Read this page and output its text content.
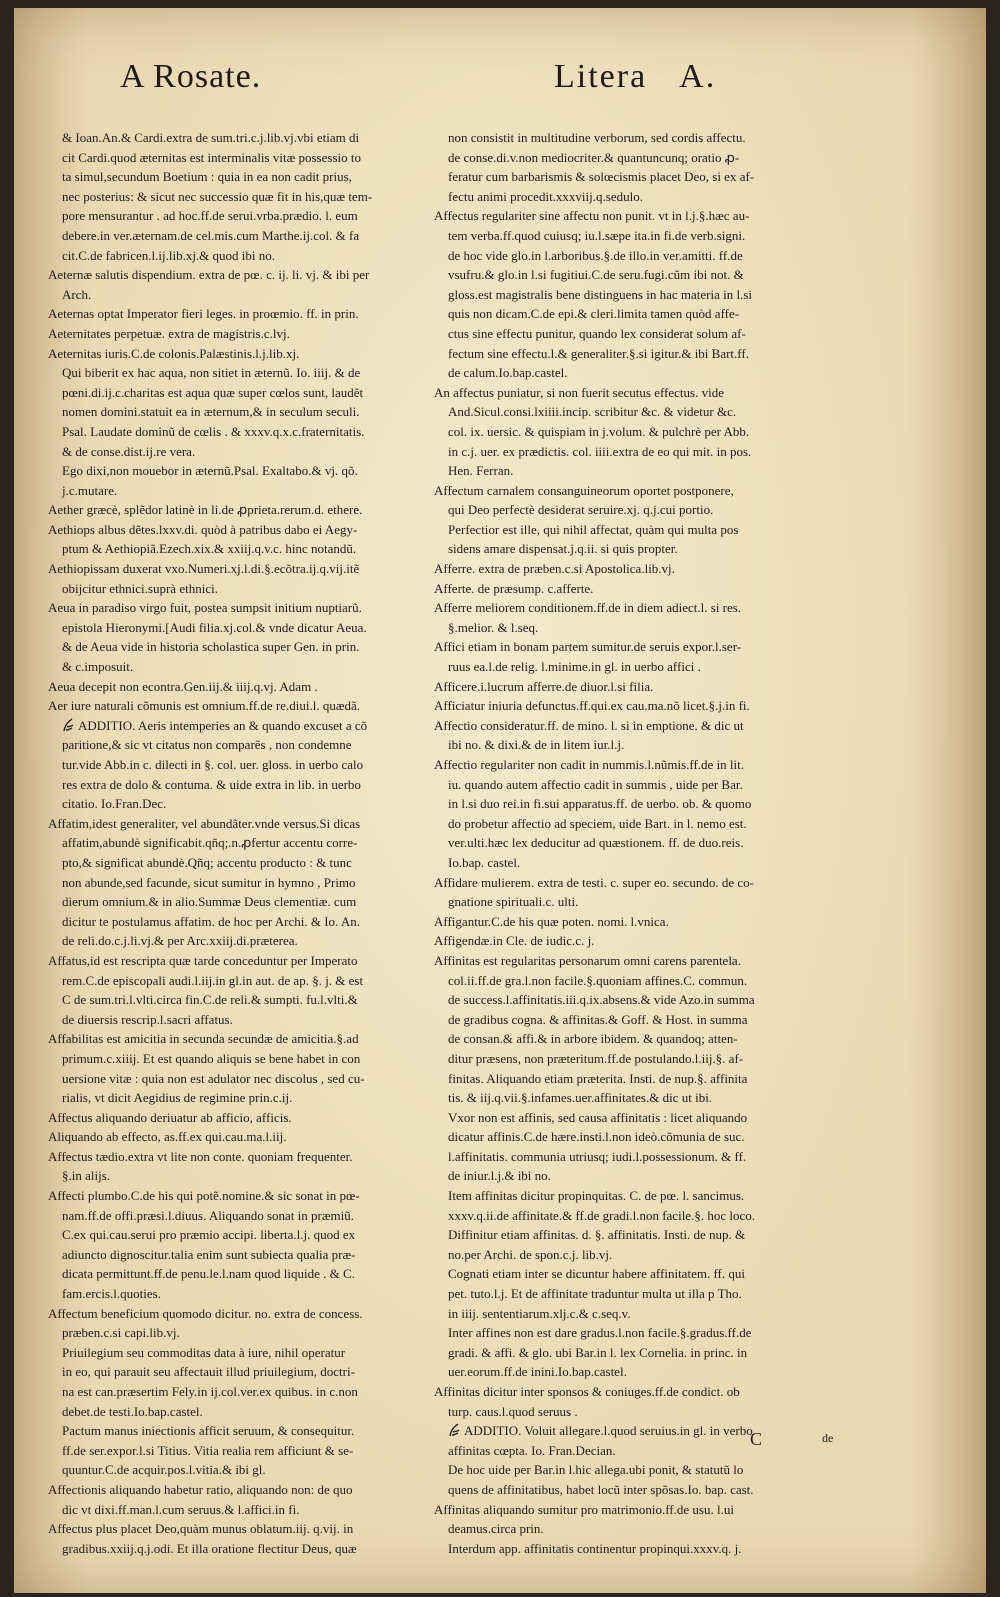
A Rosate.	Litera A.
& Ioan.An.& Cardi.extra de sum.tri.c.j.lib.vj.vbi etiam di
cit Cardi.quod æternitas est interminalis vitæ possessio to
ta simul,secundum Boetium : quia in ea non cadit prius,
nec posterius: & sicut nec successio quæ fit in his,quæ tem-
pore mensurantur . ad hoc.ff.de serui.vrba.prædio. l. eum
debere.in ver.æternam.de cel.mis.cum Marthe.ij.col. & fa
cit.C.de fabricen.l.ij.lib.xj.& quod ibi no.
Aeternæ salutis dispendium. extra de pœ. c. ij. li. vj. & ibi per
Arch.
Aeternas optat Imperator fieri leges. in proœmio. ff. in prin.
Aeternitates perpetuæ. extra de magistris.c.lvj.
Aeternitas iuris.C.de colonis.Palæstinis.l.j.lib.xj.
Qui biberit ex hac aqua, non sitiet in æternũ. Io. iiij. & de
pœni.di.ij.c.charitas est aqua quæ super cœlos sunt, laudẽt
nomen domini.statuit ea in æternum,& in seculum seculi.
Psal. Laudate dominũ de cœlis . & xxxv.q.x.c.fraternitatis.
& de conse.dist.ij.re vera.
Ego dixi,non mouebor in æternũ.Psal. Exaltabo.& vj. qõ.
j.c.mutare.
Aether græcè, splẽdor latinè in li.de ꝓprieta.rerum.d. ethere.
Aethiops albus dẽtes.lxxv.di. quòd à patribus dabo ei Aegy-
ptum & Aethiopiã.Ezech.xix.& xxiij.q.v.c. hinc notandũ.
Aethiopissam duxerat vxo.Numeri.xj.l.di.§.ecõtra.ij.q.vij.itẽ
obijcitur ethnici.suprà ethnici.
Aeua in paradiso virgo fuit, postea sumpsit initium nuptiarũ.
epistola Hieronymi.[Audi filia.xj.col.& vnde dicatur Aeua.
& de Aeua vide in historia scholastica super Gen. in prin.
& c.imposuit.
Aeua decepit non econtra.Gen.iij.& iiij.q.vj. Adam .
Aer iure naturali cõmunis est omnium.ff.de re.diui.l. quædã.
ADDITIO. Aeris intemperies an & quando excuset a cõ
paritione,& sic vt citatus non comparẽs , non condemne
tur.vide Abb.in c. dilecti in §. col. uer. gloss. in uerbo calo
res extra de dolo & contuma. & uide extra in lib. in uerbo
citatio. Io.Fran.Dec.
Affatim,idest generaliter, vel abundãter.vnde versus.Si dicas
affatim,abundè significabit.qñq;.n.ꝓfertur accentu corre-
pto,& significat abundè.Qñq; accentu producto : & tunc
non abunde,sed facunde, sicut sumitur in hymno , Primo
dierum omnium.& in alio.Summæ Deus clementiæ. cum
dicitur te postulamus affatim. de hoc per Archi. & Io. An.
de reli.do.c.j.li.vj.& per Arc.xxiij.di.præterea.
Affatus,id est rescripta quæ tarde conceduntur per Imperato
rem.C.de episcopali audi.l.iij.in gl.in aut. de ap. §. j. & est
C de sum.tri.l.vlti.circa fin.C.de reli.& sumpti. fu.l.vlti.&
de diuersis rescrip.l.sacri affatus.
Affabilitas est amicitia in secunda secundæ de amicitia.§.ad
primum.c.xiiij. Et est quando aliquis se bene habet in con
uersione vitæ : quia non est adulator nec discolus , sed cu-
rialis, vt dicit Aegidius de regimine prin.c.ij.
Affectus aliquando deriuatur ab afficio, afficis.
Aliquando ab effecto, as.ff.ex qui.cau.ma.l.iij.
Affectus tædio.extra vt lite non conte. quoniam frequenter.
§.in alijs.
Affecti plumbo.C.de his qui potẽ.nomine.& sic sonat in pœ-
nam.ff.de offi.præsi.l.diuus. Aliquando sonat in præmiũ.
C.ex qui.cau.serui pro præmio accipi. liberta.l.j. quod ex
adiuncto dignoscitur.talia enim sunt subiecta qualia præ-
dicata permittunt.ff.de penu.le.l.nam quod liquide . & C.
fam.ercis.l.quoties.
Affectum beneficium quomodo dicitur. no. extra de concess.
præben.c.si capi.lib.vj.
Priuilegium seu commoditas data à iure, nihil operatur
in eo, qui parauit seu affectauit illud priuilegium, doctri-
na est can.præsertim Fely.in ij.col.ver.ex quibus. in c.non
debet.de testi.Io.bap.castel.
Pactum manus iniectionis afficit seruum, & consequitur.
ff.de ser.expor.l.si Titius. Vitia realia rem afficiunt & se-
quuntur.C.de acquir.pos.l.vitia.& ibi gl.
Affectionis aliquando habetur ratio, aliquando non: de quo
dic vt dixi.ff.man.l.cum seruus.& l.affici.in fi.
Affectus plus placet Deo,quàm munus oblatum.iij. q.vij. in
gradibus.xxiij.q.j.odi. Et illa oratione flectitur Deus, quæ
non consistit in multitudine verborum, sed cordis affectu.
de conse.di.v.non mediocriter.& quantuncunq; oratio ꝓ-
feratur cum barbarismis & solœcismis placet Deo, si ex af-
fectu animi procedit.xxxviij.q.sedulo.
Affectus regulariter sine affectu non punit. vt in l.j.§.hæc au-
tem verba.ff.quod cuiusq; iu.l.sæpe ita.in fi.de verb.signi.
de hoc vide glo.in l.arboribus.§.de illo.in ver.amitti. ff.de
vsufru.& glo.in l.si fugitiui.C.de seru.fugi.cũm ibi not. &
gloss.est magistralis bene distinguens in hac materia in l.si
quis non dicam.C.de epi.& cleri.limita tamen quòd affe-
ctus sine effectu punitur, quando lex considerat solum af-
fectum sine effectu.l.& generaliter.§.si igitur.& ibi Bart.ff.
de calum.Io.bap.castel.
An affectus puniatur, si non fuerit secutus effectus. vide
And.Sicul.consi.lxiiii.incip. scribitur &c. & videtur &c.
col. ix. uersic. & quispiam in j.volum. & pulchrè per Abb.
in c.j. uer. ex prædictis. col. iiii.extra de eo qui mit. in pos.
Hen. Ferran.
Affectum carnalem consanguineorum oportet postponere,
qui Deo perfectè desiderat seruire.xj. q.j.cui portio.
Perfectior est ille, qui nihil affectat, quàm qui multa pos
sidens amare dispensat.j.q.ii. si quis propter.
Afferre. extra de præben.c.si Apostolica.lib.vj.
Afferte. de præsump. c.afferte.
Afferre meliorem conditionem.ff.de in diem adiect.l. si res.
§.melior. & l.seq.
Affici etiam in bonam partem sumitur.de seruis expor.l.ser-
ruus ea.l.de relig. l.minime.in gl. in uerbo affici .
Afficere.i.lucrum afferre.de diuor.l.si filia.
Afficiatur iniuria defunctus.ff.qui.ex cau.ma.nõ licet.§.j.in fi.
Affectio consideratur.ff. de mino. l. si in emptione. & dic ut
ibi no. & dixi.& de in litem iur.l.j.
Affectio regulariter non cadit in nummis.l.nũmis.ff.de in lit.
iu. quando autem affectio cadit in summis , uide per Bar.
in l.si duo rei.in fi.sui apparatus.ff. de uerbo. ob. & quomo
do probetur affectio ad speciem, uide Bart. in l. nemo est.
ver.ulti.hæc lex deducitur ad quæstionem. ff. de duo.reis.
Io.bap. castel.
Affidare mulierem. extra de testi. c. super eo. secundo. de co-
gnatione spirituali.c. ulti.
Affigantur.C.de his quæ poten. nomi. l.vnica.
Affigendæ.in Cle. de iudic.c. j.
Affinitas est regularitas personarum omni carens parentela.
col.ii.ff.de gra.l.non facile.§.quoniam affines.C. commun.
de success.l.affinitatis.iii.q.ix.absens.& vide Azo.in summa
de gradibus cogna. & affinitas.& Goff. & Host. in summa
de consan.& affi.& in arbore ibidem. & quandoq; atten-
ditur præsens, non præteritum.ff.de postulando.l.iij.§. af-
finitas. Aliquando etiam præterita. Insti. de nup.§. affinita
tis. & iij.q.vii.§.infames.uer.affinitates.& dic ut ibi.
Vxor non est affinis, sed causa affinitatis : licet aliquando
dicatur affinis.C.de hære.insti.l.non ideò.cõmunia de suc.
l.affinitatis. communia utriusq; iudi.l.possessionum. & ff.
de iniur.l.j.& ibi no.
Item affinitas dicitur propinquitas. C. de pœ. l. sancimus.
xxxv.q.ii.de affinitate.& ff.de gradi.l.non facile.§. hoc loco.
Diffinitur etiam affinitas. d. §. affinitatis. Insti. de nup. &
no.per Archi. de spon.c.j. lib.vj.
Cognati etiam inter se dicuntur habere affinitatem. ff. qui
pet. tuto.l.j. Et de affinitate traduntur multa ut illa p Tho.
in iiij. sententiarum.xlj.c.& c.seq.v.
Inter affines non est dare gradus.l.non facile.§.gradus.ff.de
gradi. & affi. & glo. ubi Bar.in l. lex Cornelia. in princ. in
uer.eorum.ff.de inini.Io.bap.castel.
Affinitas dicitur inter sponsos & coniuges.ff.de condict. ob
turp. caus.l.quod seruus .
ADDITIO. Voluit allegare.l.quod seruius.in gl. in verbo
affinitas cœpta. Io. Fran.Decian.
De hoc uide per Bar.in l.hic allega.ubi ponit, & statutũ lo
quens de affinitatibus, habet locũ inter spõsas.Io. bap. cast.
Affinitas aliquando sumitur pro matrimonio.ff.de usu. l.ui
deamus.circa prin.
Interdum app. affinitatis continentur propinqui.xxxv.q. j.
C	de
